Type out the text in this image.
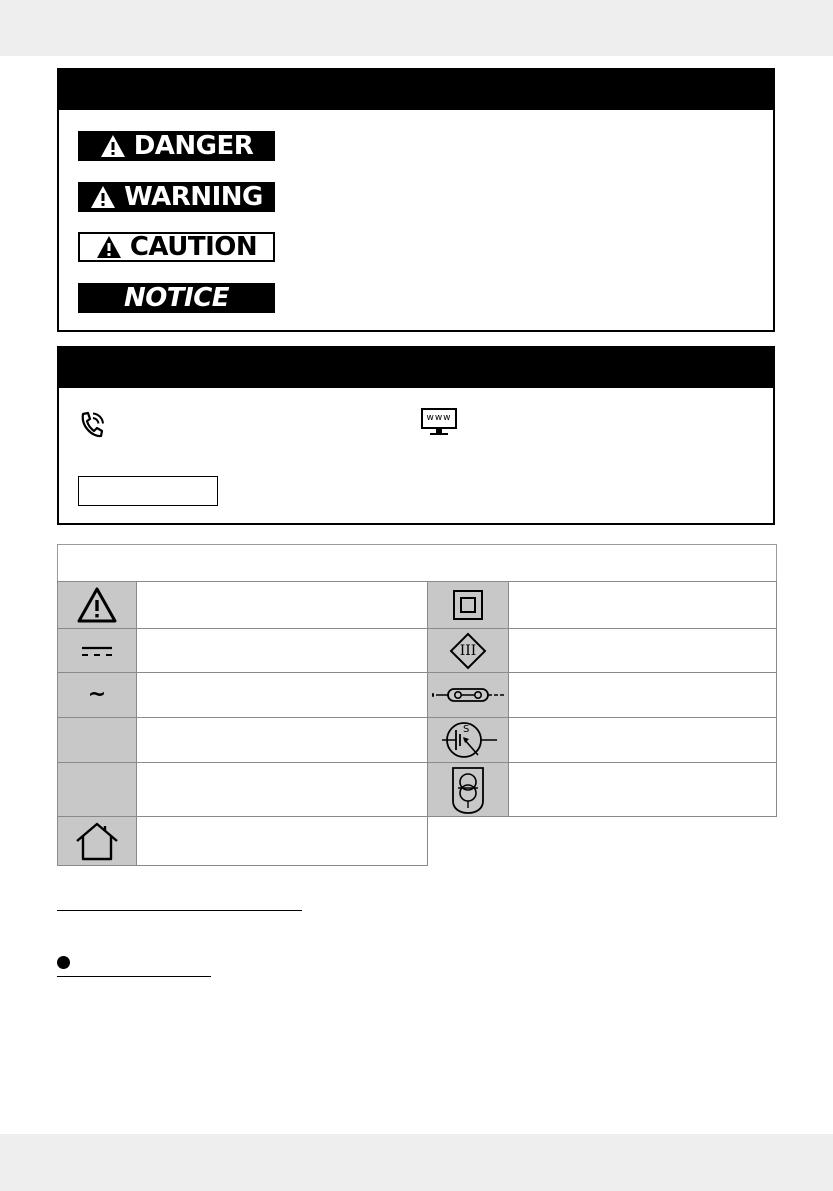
DANGER
WARNING
CAUTION
NOTICE
www
III
~
S
